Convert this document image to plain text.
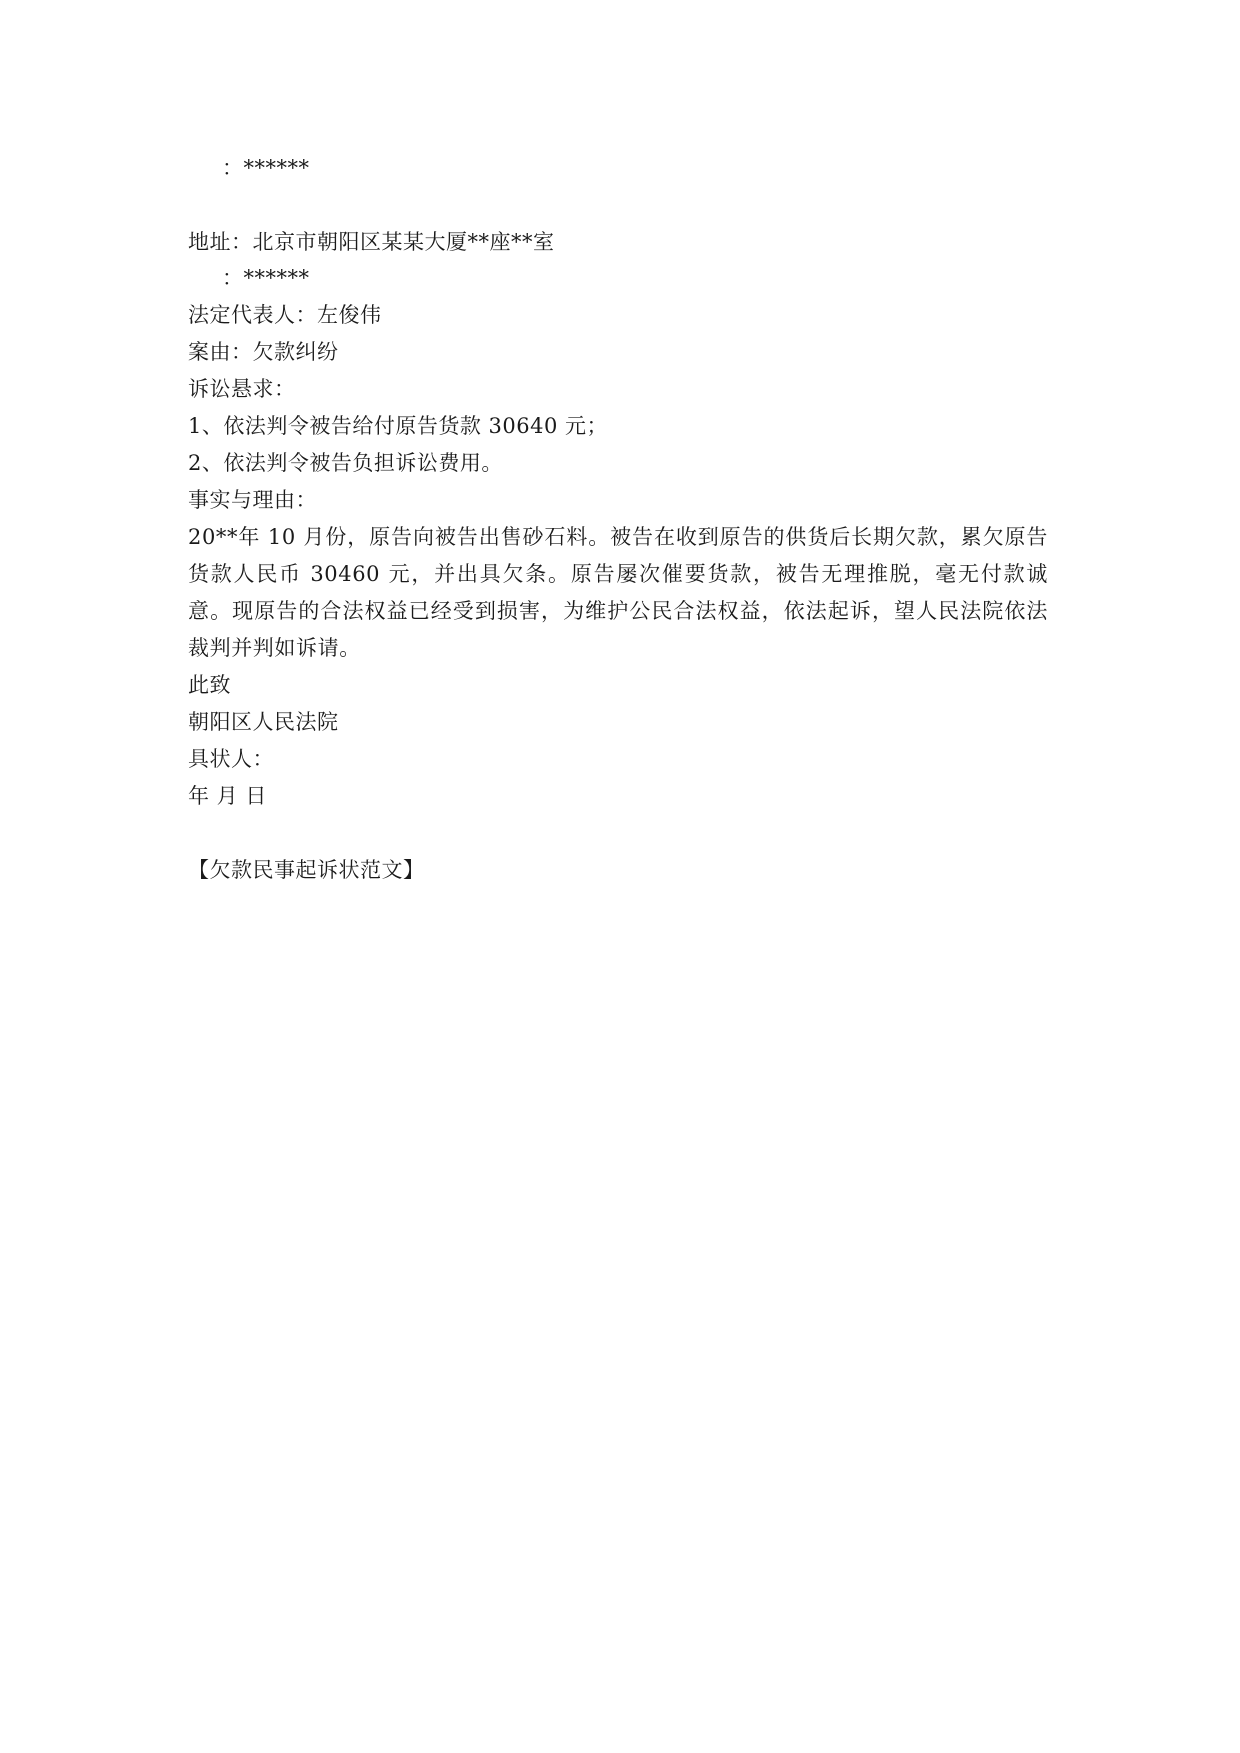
：******
地址：北京市朝阳区某某大厦**座**室
：******
法定代表人：左俊伟
案由：欠款纠纷
诉讼悬求：
1、依法判令被告给付原告货款 30640 元；
2、依法判令被告负担诉讼费用。
事实与理由：
20**年 10 月份，原告向被告出售砂石料。被告在收到原告的供货后长期欠款，累欠原告货款人民币 30460 元，并出具欠条。原告屡次催要货款，被告无理推脱，毫无付款诚意。现原告的合法权益已经受到损害，为维护公民合法权益，依法起诉，望人民法院依法裁判并判如诉请。
此致
朝阳区人民法院
具状人：
年 月 日
【欠款民事起诉状范文】
